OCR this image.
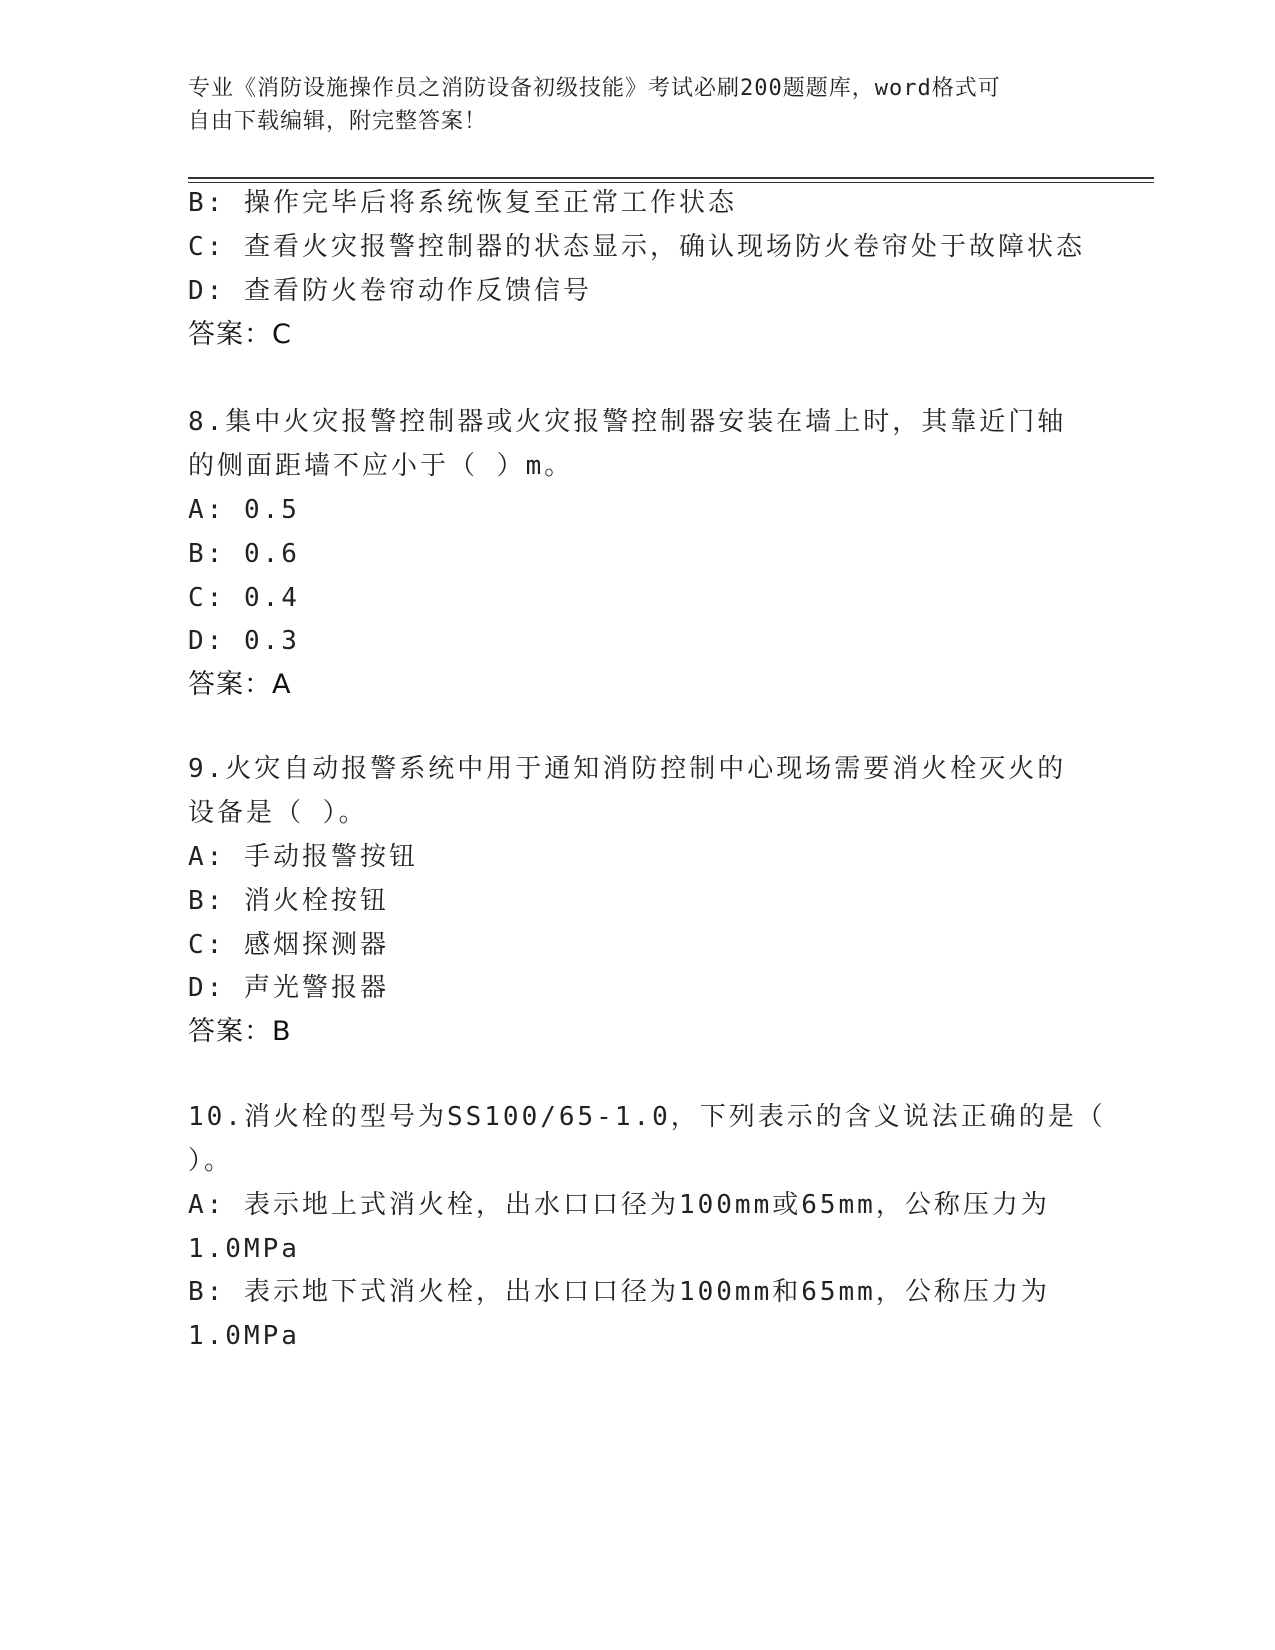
专业《消防设施操作员之消防设备初级技能》考试必刷200题题库，word格式可
自由下载编辑，附完整答案！
B: 操作完毕后将系统恢复至正常工作状态
C: 查看火灾报警控制器的状态显示，确认现场防火卷帘处于故障状态
D: 查看防火卷帘动作反馈信号
答案：C
8.集中火灾报警控制器或火灾报警控制器安装在墙上时，其靠近门轴
的侧面距墙不应小于（ ）m。
A: 0.5
B: 0.6
C: 0.4
D: 0.3
答案：A
9.火灾自动报警系统中用于通知消防控制中心现场需要消火栓灭火的
设备是（ ）。
A: 手动报警按钮
B: 消火栓按钮
C: 感烟探测器
D: 声光警报器
答案：B
10.消火栓的型号为SS100/65-1.0，下列表示的含义说法正确的是（
）。
A: 表示地上式消火栓，出水口口径为100mm或65mm，公称压力为
1.0MPa
B: 表示地下式消火栓，出水口口径为100mm和65mm，公称压力为
1.0MPa
